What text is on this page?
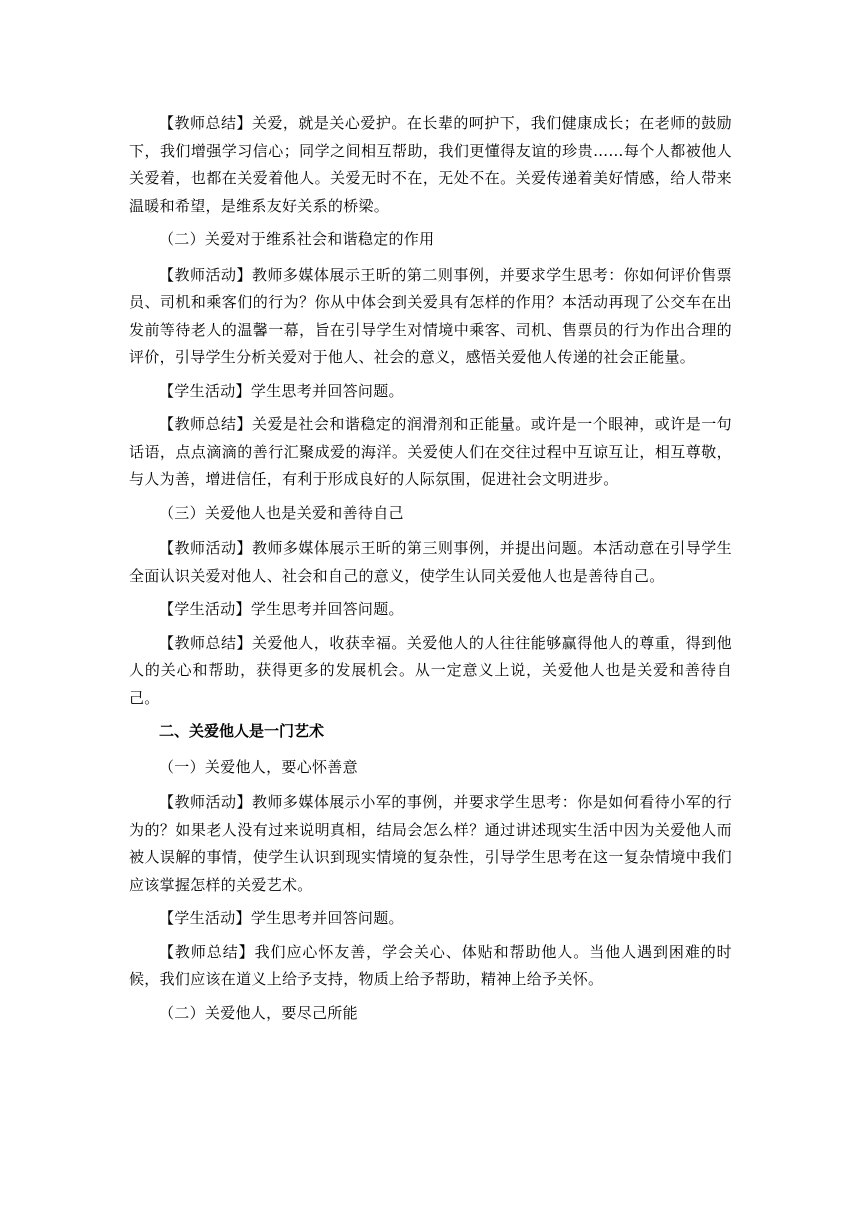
【教师总结】关爱，就是关心爱护。在长辈的呵护下，我们健康成长；在老师的鼓励下，我们增强学习信心；同学之间相互帮助，我们更懂得友谊的珍贵……每个人都被他人关爱着，也都在关爱着他人。关爱无时不在，无处不在。关爱传递着美好情感，给人带来温暖和希望，是维系友好关系的桥梁。

（二）关爱对于维系社会和谐稳定的作用

【教师活动】教师多媒体展示王昕的第二则事例，并要求学生思考：你如何评价售票员、司机和乘客们的行为？你从中体会到关爱具有怎样的作用？本活动再现了公交车在出发前等待老人的温馨一幕，旨在引导学生对情境中乘客、司机、售票员的行为作出合理的评价，引导学生分析关爱对于他人、社会的意义，感悟关爱他人传递的社会正能量。

【学生活动】学生思考并回答问题。

【教师总结】关爱是社会和谐稳定的润滑剂和正能量。或许是一个眼神，或许是一句话语，点点滴滴的善行汇聚成爱的海洋。关爱使人们在交往过程中互谅互让，相互尊敬，与人为善，增进信任，有利于形成良好的人际氛围，促进社会文明进步。

（三）关爱他人也是关爱和善待自己

【教师活动】教师多媒体展示王昕的第三则事例，并提出问题。本活动意在引导学生全面认识关爱对他人、社会和自己的意义，使学生认同关爱他人也是善待自己。

【学生活动】学生思考并回答问题。

【教师总结】关爱他人，收获幸福。关爱他人的人往往能够赢得他人的尊重，得到他人的关心和帮助，获得更多的发展机会。从一定意义上说，关爱他人也是关爱和善待自己。

二、关爱他人是一门艺术

（一）关爱他人，要心怀善意

【教师活动】教师多媒体展示小军的事例，并要求学生思考：你是如何看待小军的行为的？如果老人没有过来说明真相，结局会怎么样？通过讲述现实生活中因为关爱他人而被人误解的事情，使学生认识到现实情境的复杂性，引导学生思考在这一复杂情境中我们应该掌握怎样的关爱艺术。

【学生活动】学生思考并回答问题。

【教师总结】我们应心怀友善，学会关心、体贴和帮助他人。当他人遇到困难的时候，我们应该在道义上给予支持，物质上给予帮助，精神上给予关怀。

（二）关爱他人，要尽己所能
